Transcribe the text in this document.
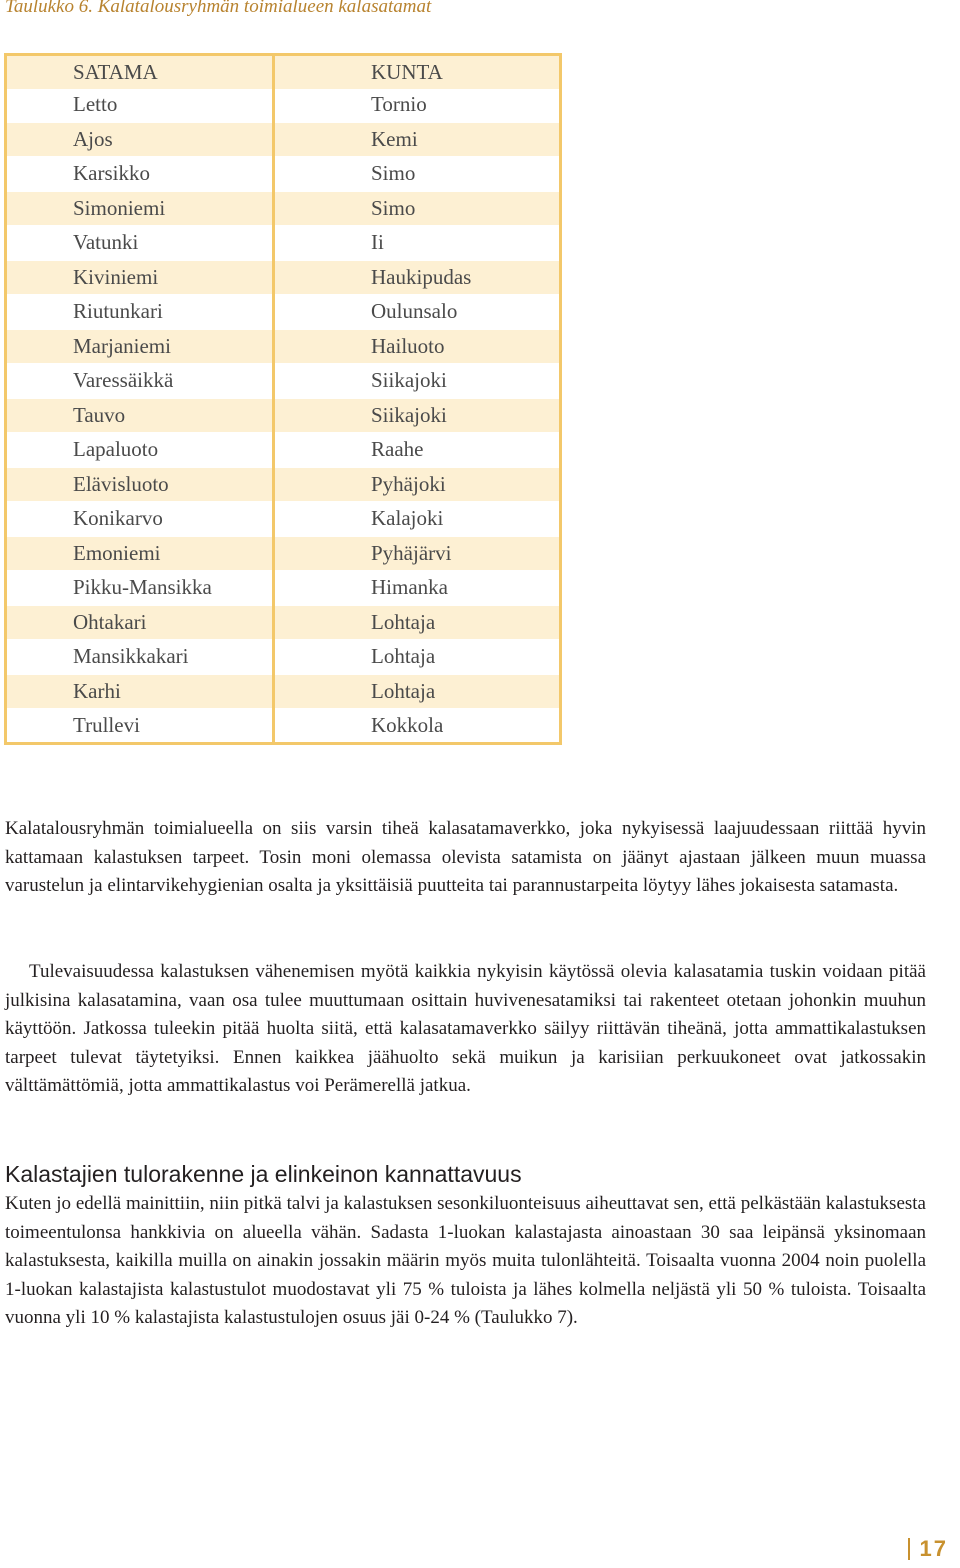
Taulukko 6. Kalatalousryhmän toimialueen kalasatamat
SATAMA	KUNTA
Letto	Tornio
Ajos	Kemi
Karsikko	Simo
Simoniemi	Simo
Vatunki	Ii
Kiviniemi	Haukipudas
Riutunkari	Oulunsalo
Marjaniemi	Hailuoto
Varessäikkä	Siikajoki
Tauvo	Siikajoki
Lapaluoto	Raahe
Elävisluoto	Pyhäjoki
Konikarvo	Kalajoki
Emoniemi	Pyhäjärvi
Pikku-Mansikka	Himanka
Ohtakari	Lohtaja
Mansikkakari	Lohtaja
Karhi	Lohtaja
Trullevi	Kokkola

Kalatalousryhmän toimialueella on siis varsin tiheä kalasatamaverkko, joka nykyisessä laajuudessaan riittää hyvin kattamaan kalastuksen tarpeet. Tosin moni olemassa olevista satamista on jäänyt ajastaan jälkeen muun muassa varustelun ja elintarvikehygienian osalta ja yksittäisiä puutteita tai parannustarpeita löytyy lähes jokaisesta satamasta.

Tulevaisuudessa kalastuksen vähenemisen myötä kaikkia nykyisin käytössä olevia kalasatamia tuskin voidaan pitää julkisina kalasatamina, vaan osa tulee muuttumaan osittain huvivenesatamiksi tai rakenteet otetaan johonkin muuhun käyttöön. Jatkossa tuleekin pitää huolta siitä, että kalasatamaverkko säilyy riittävän tiheänä, jotta ammattikalastuksen tarpeet tulevat täytetyiksi. Ennen kaikkea jäähuolto sekä muikun ja karisiian perkuukoneet ovat jatkossakin välttämättömiä, jotta ammattikalastus voi Perämerellä jatkua.

Kalastajien tulorakenne ja elinkeinon kannattavuus

Kuten jo edellä mainittiin, niin pitkä talvi ja kalastuksen sesonkiluonteisuus aiheuttavat sen, että pelkästään kalastuksesta toimeentulonsa hankkivia on alueella vähän. Sadasta 1-luokan kalastajasta ainoastaan 30 saa leipänsä yksinomaan kalastuksesta, kaikilla muilla on ainakin jossakin määrin myös muita tulonlähteitä. Toisaalta vuonna 2004 noin puolella 1-luokan kalastajista kalastustulot muodostavat yli 75 % tuloista ja lähes kolmella neljästä yli 50 % tuloista. Toisaalta vuonna yli 10 % kalastajista kalastustulojen osuus jäi 0-24 % (Taulukko 7).

17
